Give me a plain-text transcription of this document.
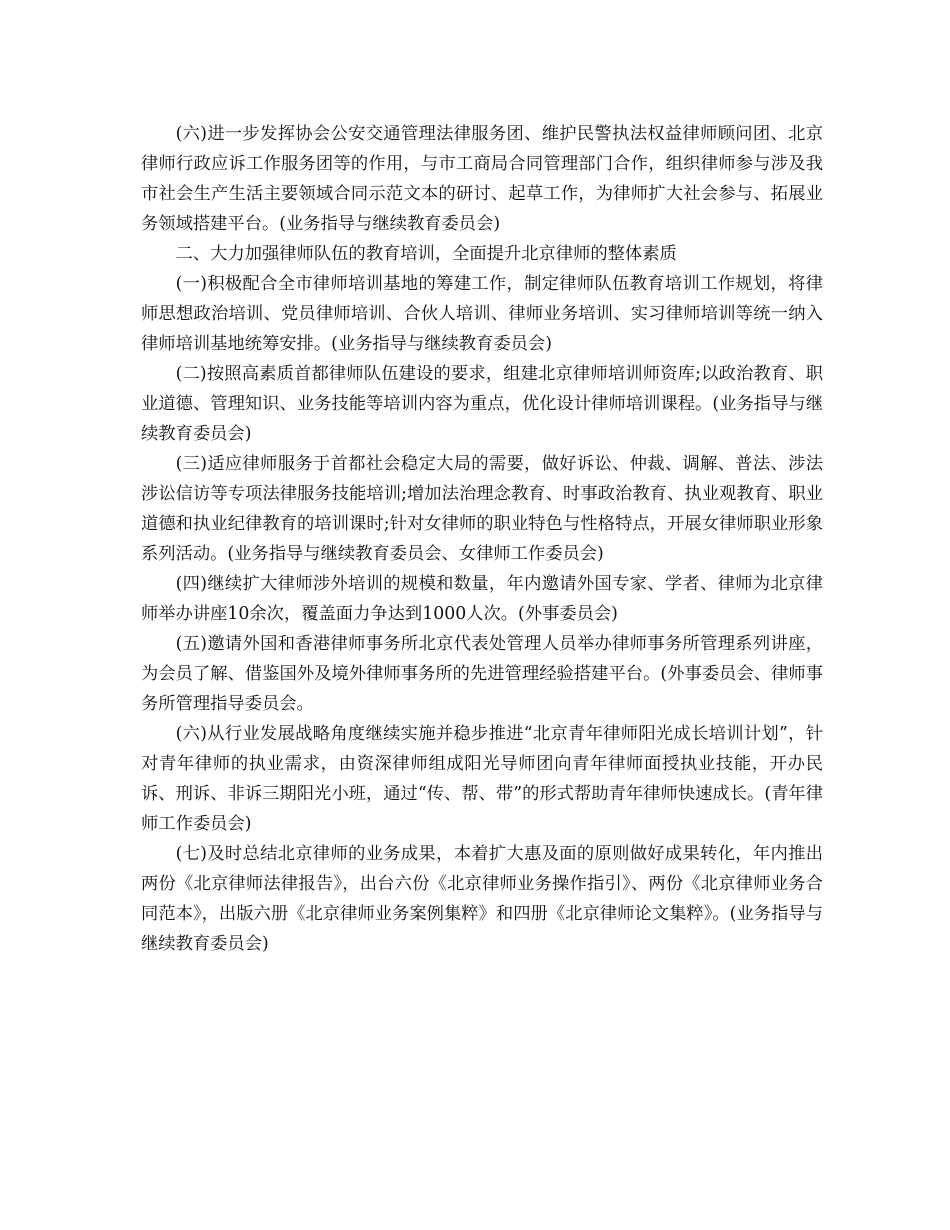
(六)进一步发挥协会公安交通管理法律服务团、维护民警执法权益律师顾问团、北京律师行政应诉工作服务团等的作用，与市工商局合同管理部门合作，组织律师参与涉及我市社会生产生活主要领域合同示范文本的研讨、起草工作，为律师扩大社会参与、拓展业务领域搭建平台。(业务指导与继续教育委员会)

二、大力加强律师队伍的教育培训，全面提升北京律师的整体素质

(一)积极配合全市律师培训基地的筹建工作，制定律师队伍教育培训工作规划，将律师思想政治培训、党员律师培训、合伙人培训、律师业务培训、实习律师培训等统一纳入律师培训基地统筹安排。(业务指导与继续教育委员会)

(二)按照高素质首都律师队伍建设的要求，组建北京律师培训师资库;以政治教育、职业道德、管理知识、业务技能等培训内容为重点，优化设计律师培训课程。(业务指导与继续教育委员会)

(三)适应律师服务于首都社会稳定大局的需要，做好诉讼、仲裁、调解、普法、涉法涉讼信访等专项法律服务技能培训;增加法治理念教育、时事政治教育、执业观教育、职业道德和执业纪律教育的培训课时;针对女律师的职业特色与性格特点，开展女律师职业形象系列活动。(业务指导与继续教育委员会、女律师工作委员会)

(四)继续扩大律师涉外培训的规模和数量，年内邀请外国专家、学者、律师为北京律师举办讲座10余次，覆盖面力争达到1000人次。(外事委员会)

(五)邀请外国和香港律师事务所北京代表处管理人员举办律师事务所管理系列讲座，为会员了解、借鉴国外及境外律师事务所的先进管理经验搭建平台。(外事委员会、律师事务所管理指导委员会。

(六)从行业发展战略角度继续实施并稳步推进“北京青年律师阳光成长培训计划”，针对青年律师的执业需求，由资深律师组成阳光导师团向青年律师面授执业技能，开办民诉、刑诉、非诉三期阳光小班，通过“传、帮、带”的形式帮助青年律师快速成长。(青年律师工作委员会)

(七)及时总结北京律师的业务成果，本着扩大惠及面的原则做好成果转化，年内推出两份《北京律师法律报告》，出台六份《北京律师业务操作指引》、两份《北京律师业务合同范本》，出版六册《北京律师业务案例集粹》和四册《北京律师论文集粹》。(业务指导与继续教育委员会)
